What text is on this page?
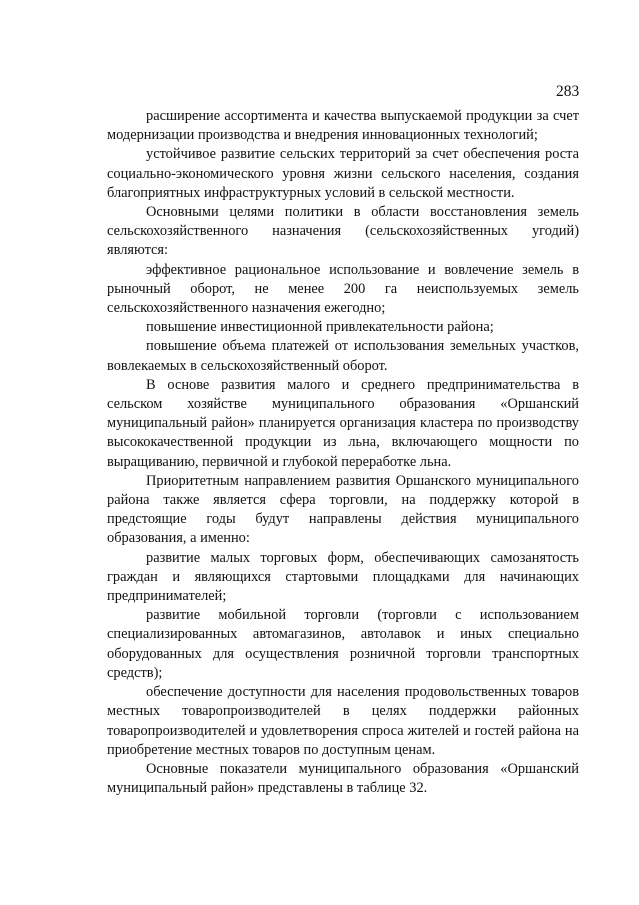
283

расширение ассортимента и качества выпускаемой продукции за счет модернизации производства и внедрения инновационных технологий;

устойчивое развитие сельских территорий за счет обеспечения роста социально-экономического уровня жизни сельского населения, создания благоприятных инфраструктурных условий в сельской местности.

Основными целями политики в области восстановления земель сельскохозяйственного назначения (сельскохозяйственных угодий) являются:

эффективное рациональное использование и вовлечение земель в рыночный оборот, не менее 200 га неиспользуемых земель сельскохозяйственного назначения ежегодно;

повышение инвестиционной привлекательности района;

повышение объема платежей от использования земельных участков, вовлекаемых в сельскохозяйственный оборот.

В основе развития малого и среднего предпринимательства в сельском хозяйстве муниципального образования «Оршанский муниципальный район» планируется организация кластера по производству высококачественной продукции из льна, включающего мощности по выращиванию, первичной и глубокой переработке льна.

Приоритетным направлением развития Оршанского муниципального района также является сфера торговли, на поддержку которой в предстоящие годы будут направлены действия муниципального образования, а именно:

развитие малых торговых форм, обеспечивающих самозанятость граждан и являющихся стартовыми площадками для начинающих предпринимателей;

развитие мобильной торговли (торговли с использованием специализированных автомагазинов, автолавок и иных специально оборудованных для осуществления розничной торговли транспортных средств);

обеспечение доступности для населения продовольственных товаров местных товаропроизводителей в целях поддержки районных товаропроизводителей и удовлетворения спроса жителей и гостей района на приобретение местных товаров по доступным ценам.

Основные показатели муниципального образования «Оршанский муниципальный район» представлены в таблице 32.
